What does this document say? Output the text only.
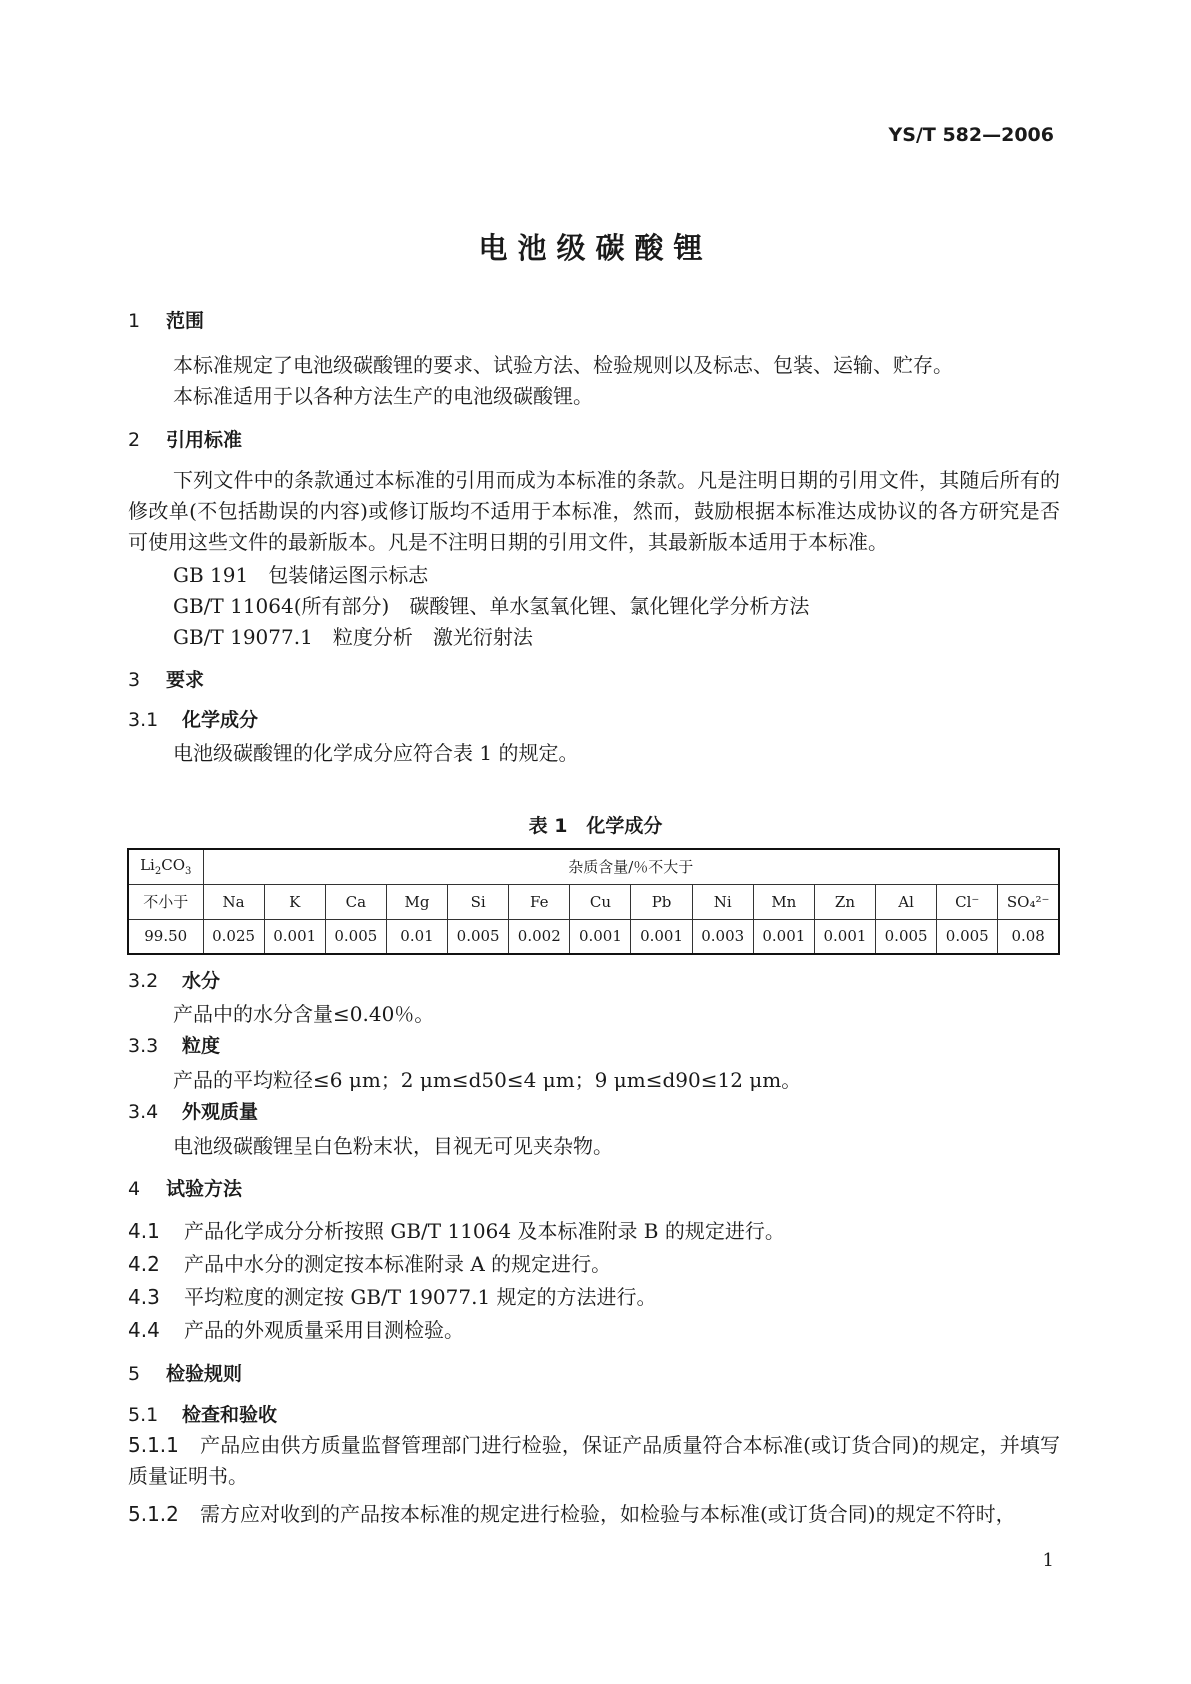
YS/T 582—2006
电池级碳酸锂
1 范围
本标准规定了电池级碳酸锂的要求、试验方法、检验规则以及标志、包装、运输、贮存。
本标准适用于以各种方法生产的电池级碳酸锂。
2 引用标准
下列文件中的条款通过本标准的引用而成为本标准的条款。凡是注明日期的引用文件，其随后所有的修改单(不包括勘误的内容)或修订版均不适用于本标准，然而，鼓励根据本标准达成协议的各方研究是否可使用这些文件的最新版本。凡是不注明日期的引用文件，其最新版本适用于本标准。
GB 191　包装储运图示标志
GB/T 11064(所有部分)　碳酸锂、单水氢氧化锂、氯化锂化学分析方法
GB/T 19077.1　粒度分析　激光衍射法
3 要求
3.1 化学成分
电池级碳酸锂的化学成分应符合表 1 的规定。
表 1　化学成分
$Li_2CO_3$	杂质含量/％不大于													
不小于	Na	K	Ca	Mg	Si	Fe	Cu	Pb	Ni	Mn	Zn	Al	Cl⁻	SO₄²⁻
99.50	0.025	0.001	0.005	0.01	0.005	0.002	0.001	0.001	0.003	0.001	0.001	0.005	0.005	0.08
3.2 水分
产品中的水分含量≤0.40％。
3.3 粒度
产品的平均粒径≤6 μm；2 μm≤d50≤4 μm；9 μm≤d90≤12 μm。
3.4 外观质量
电池级碳酸锂呈白色粉末状，目视无可见夹杂物。
4 试验方法
4.1 产品化学成分分析按照 GB/T 11064 及本标准附录 B 的规定进行。
4.2 产品中水分的测定按本标准附录 A 的规定进行。
4.3 平均粒度的测定按 GB/T 19077.1 规定的方法进行。
4.4 产品的外观质量采用目测检验。
5 检验规则
5.1 检查和验收
5.1.1 产品应由供方质量监督管理部门进行检验，保证产品质量符合本标准(或订货合同)的规定，并填写质量证明书。
5.1.2 需方应对收到的产品按本标准的规定进行检验，如检验与本标准(或订货合同)的规定不符时，
1
